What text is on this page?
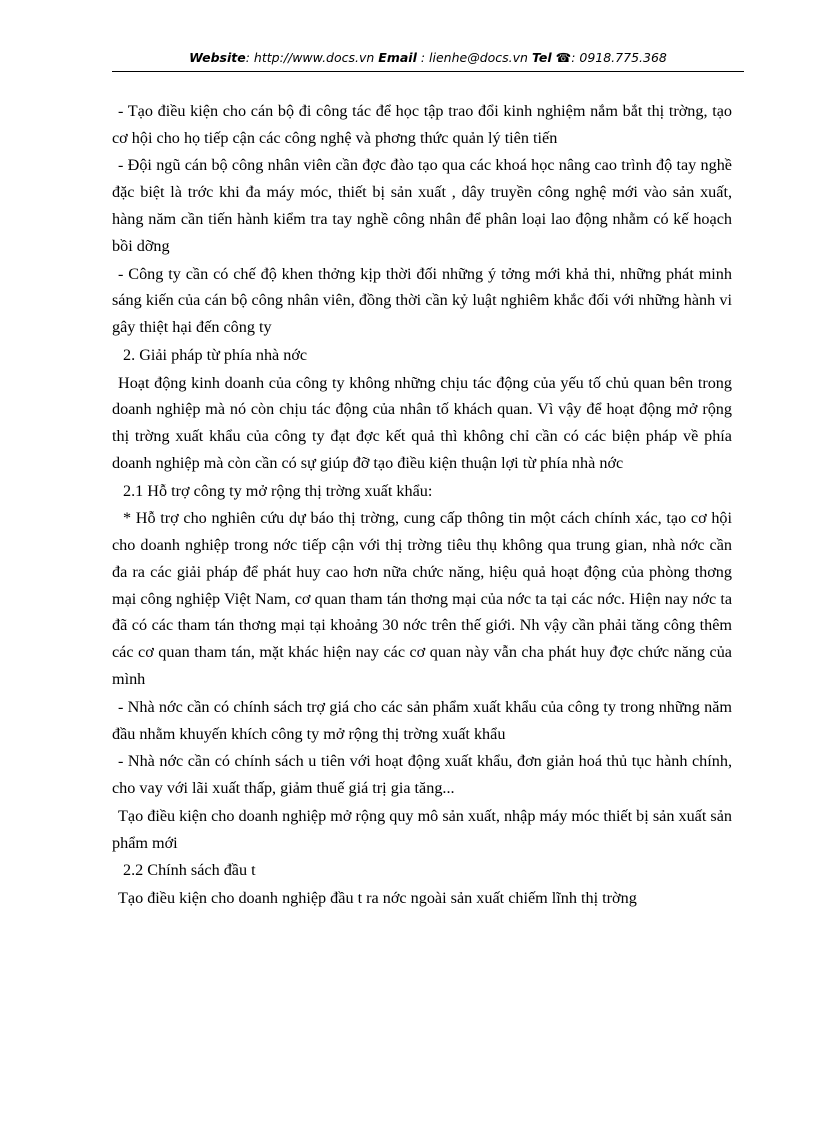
Website: http://www.docs.vn Email : lienhe@docs.vn Tel ☎: 0918.775.368

- Tạo điều kiện cho cán bộ đi công tác để học tập trao đổi kinh nghiệm nắm bắt thị trờng, tạo cơ hội cho họ tiếp cận các công nghệ và phơng thức quản lý tiên tiến

- Đội ngũ cán bộ công nhân viên cần đợc đào tạo qua các khoá học nâng cao trình độ tay nghề đặc biệt là trớc khi đa máy móc, thiết bị sản xuất , dây truyền công nghệ mới vào sản xuất, hàng năm cần tiến hành kiểm tra tay nghề công nhân để phân loại lao động nhằm có kế hoạch bồi dỡng

- Công ty cần có chế độ khen thởng kịp thời đối những ý tởng mới khả thi, những phát minh sáng kiến của cán bộ công nhân viên, đồng thời cần kỷ luật nghiêm khắc đối với những hành vi gây thiệt hại đến công ty

2. Giải pháp từ phía nhà nớc

Hoạt động kinh doanh của công ty không những chịu tác động của yếu tố chủ quan bên trong doanh nghiệp mà nó còn chịu tác động của nhân tố khách quan. Vì vậy để hoạt động mở rộng thị trờng xuất khẩu của công ty đạt đợc kết quả thì không chỉ cần có các biện pháp về phía doanh nghiệp mà còn cần có sự giúp đỡ tạo điều kiện thuận lợi từ phía nhà nớc

2.1 Hỗ trợ công ty mở rộng thị trờng xuất khẩu:

* Hỗ trợ cho nghiên cứu dự báo thị trờng, cung cấp thông tin một cách chính xác, tạo cơ hội cho doanh nghiệp trong nớc tiếp cận với thị trờng tiêu thụ không qua trung gian, nhà nớc cần đa ra các giải pháp để phát huy cao hơn nữa chức năng, hiệu quả hoạt động của phòng thơng mại công nghiệp Việt Nam, cơ quan tham tán thơng mại của nớc ta tại các nớc. Hiện nay nớc ta đã có các tham tán thơng mại tại khoảng 30 nớc trên thế giới. Nh vậy cần phải tăng công thêm các cơ quan tham tán, mặt khác hiện nay các cơ quan này vẫn cha phát huy đợc chức năng của mình

- Nhà nớc cần có chính sách trợ giá cho các sản phẩm xuất khẩu của công ty trong những năm đầu nhằm khuyến khích công ty mở rộng thị trờng xuất khẩu

- Nhà nớc cần có chính sách u tiên với hoạt động xuất khẩu, đơn giản hoá thủ tục hành chính, cho vay với lãi xuất thấp, giảm thuế giá trị gia tăng...

Tạo điều kiện cho doanh nghiệp mở rộng quy mô sản xuất, nhập máy móc thiết bị sản xuất sản phẩm mới

2.2 Chính sách đầu t

Tạo điều kiện cho doanh nghiệp đầu t ra nớc ngoài sản xuất chiếm lĩnh thị trờng
